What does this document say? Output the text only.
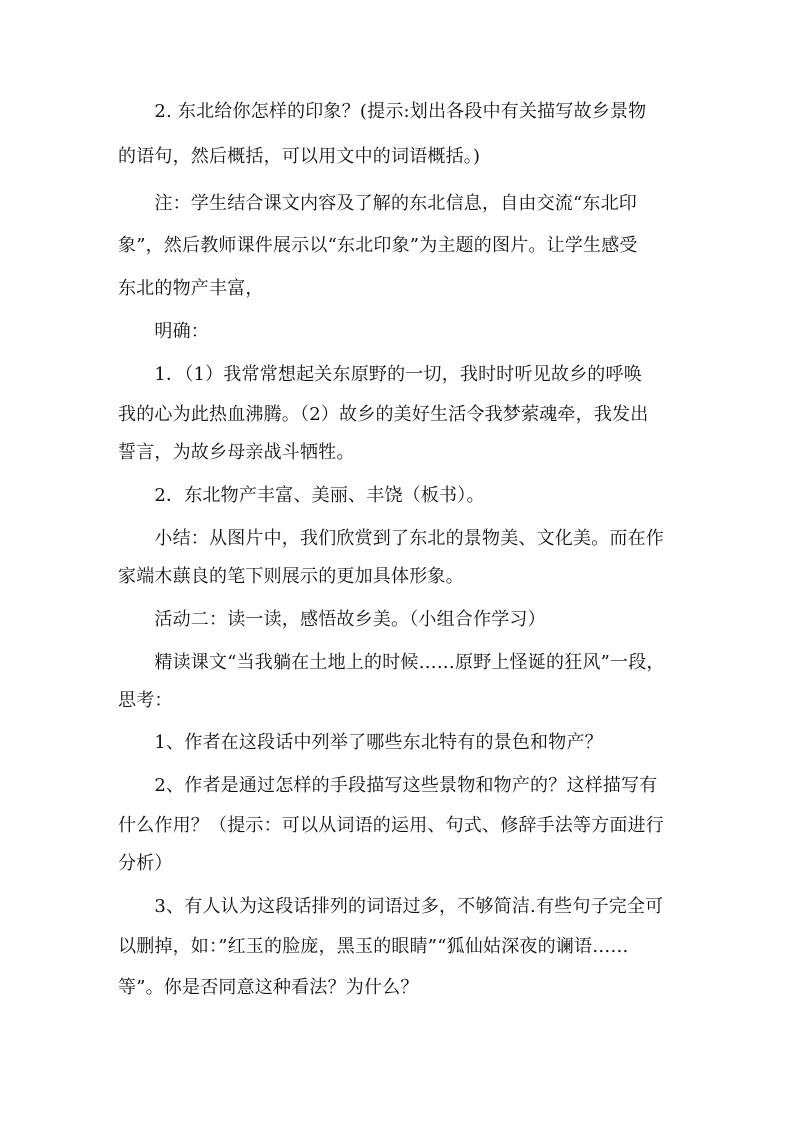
　　2. 东北给你怎样的印象？(提示:划出各段中有关描写故乡景物
的语句，然后概括，可以用文中的词语概括。)
　　注：学生结合课文内容及了解的东北信息，自由交流“东北印
象”，然后教师课件展示以“东北印象”为主题的图片。让学生感受
东北的物产丰富，
　　明确：
　　1．（1）我常常想起关东原野的一切，我时时听见故乡的呼唤
我的心为此热血沸腾。（2）故乡的美好生活令我梦萦魂牵，我发出
誓言，为故乡母亲战斗牺牲。
　　2．东北物产丰富、美丽、丰饶（板书）。
　　小结：从图片中，我们欣赏到了东北的景物美、文化美。而在作
家端木蕻良的笔下则展示的更加具体形象。
　　活动二：读一读，感悟故乡美。（小组合作学习）
　　精读课文“当我躺在土地上的时候……原野上怪诞的狂风”一段，
思考：
　　1、作者在这段话中列举了哪些东北特有的景色和物产？
　　2、作者是通过怎样的手段描写这些景物和物产的？这样描写有
什么作用？（提示：可以从词语的运用、句式、修辞手法等方面进行
分析）
　　3、有人认为这段话排列的词语过多，不够简洁.有些句子完全可
以删掉，如：”红玉的脸庞，黑玉的眼睛”“狐仙姑深夜的谰语……
等”。你是否同意这种看法？为什么？
